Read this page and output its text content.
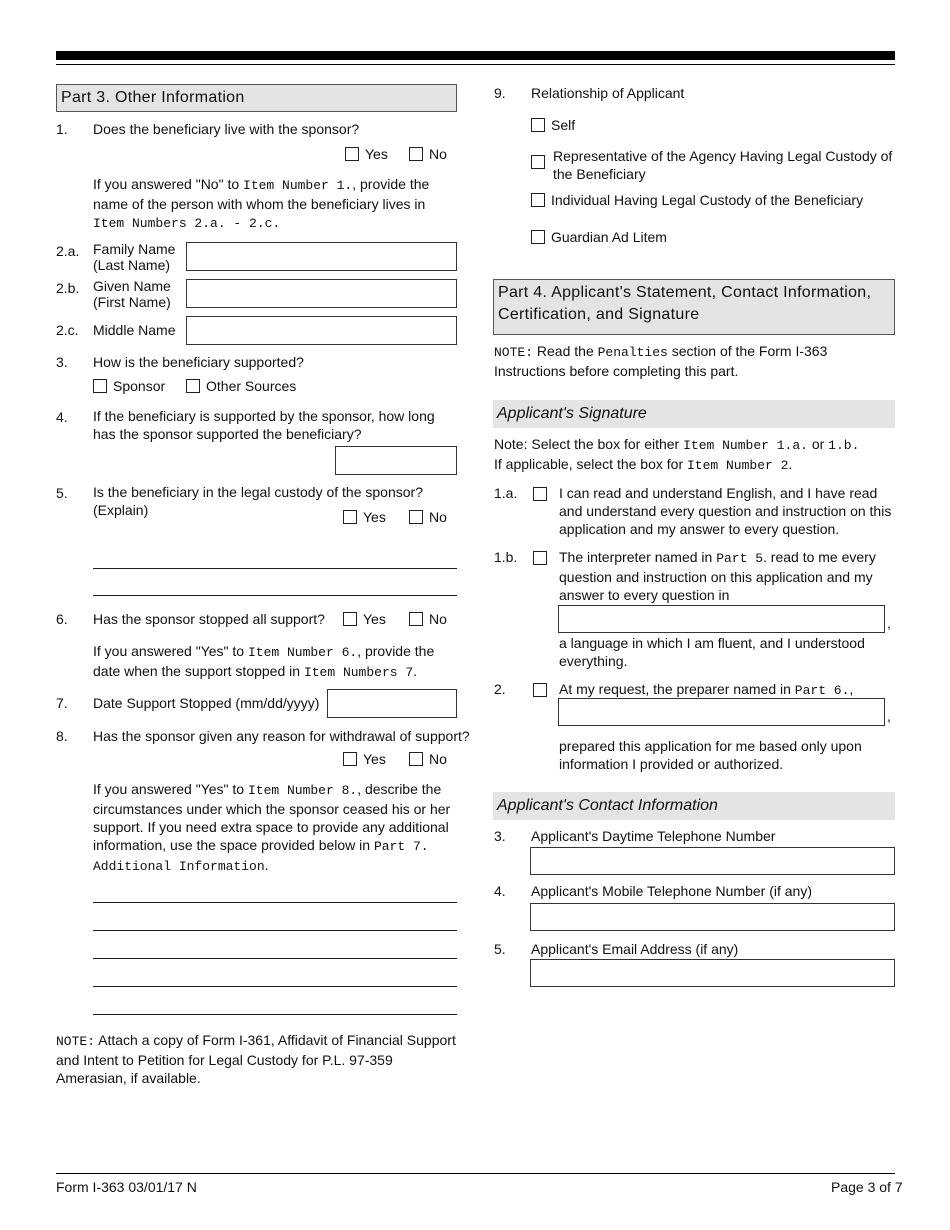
Part 3. Other Information
1. Does the beneficiary live with the sponsor?
Yes	No
If you answered "No" to Item Number 1., provide the name of the person with whom the beneficiary lives in Item Numbers 2.a. - 2.c.
2.a. Family Name
(Last Name)
2.b. Given Name
(First Name)
2.c. Middle Name
3. How is the beneficiary supported?
Sponsor	Other Sources
4. If the beneficiary is supported by the sponsor, how long has the sponsor supported the beneficiary?
5. Is the beneficiary in the legal custody of the sponsor?
(Explain)	Yes	No
6. Has the sponsor stopped all support?	Yes	No
If you answered "Yes" to Item Number 6., provide the date when the support stopped in Item Numbers 7.
7. Date Support Stopped (mm/dd/yyyy)
8. Has the sponsor given any reason for withdrawal of support?
Yes	No
If you answered "Yes" to Item Number 8., describe the circumstances under which the sponsor ceased his or her support. If you need extra space to provide any additional information, use the space provided below in Part 7. Additional Information.
NOTE: Attach a copy of Form I-361, Affidavit of Financial Support and Intent to Petition for Legal Custody for P.L. 97-359 Amerasian, if available.
9. Relationship of Applicant
Self
Representative of the Agency Having Legal Custody of the Beneficiary
Individual Having Legal Custody of the Beneficiary
Guardian Ad Litem
Part 4. Applicant's Statement, Contact Information, Certification, and Signature
NOTE: Read the Penalties section of the Form I-363 Instructions before completing this part.
Applicant's Signature
Note: Select the box for either Item Number 1.a. or 1.b.
If applicable, select the box for Item Number 2.
1.a.	I can read and understand English, and I have read and understand every question and instruction on this application and my answer to every question.
1.b.	The interpreter named in Part 5. read to me every question and instruction on this application and my answer to every question in
,
a language in which I am fluent, and I understood everything.
2.	At my request, the preparer named in Part 6.,
,
prepared this application for me based only upon information I provided or authorized.
Applicant's Contact Information
3. Applicant's Daytime Telephone Number
4. Applicant's Mobile Telephone Number (if any)
5. Applicant's Email Address (if any)
Form I-363 03/01/17 N	Page 3 of 7
